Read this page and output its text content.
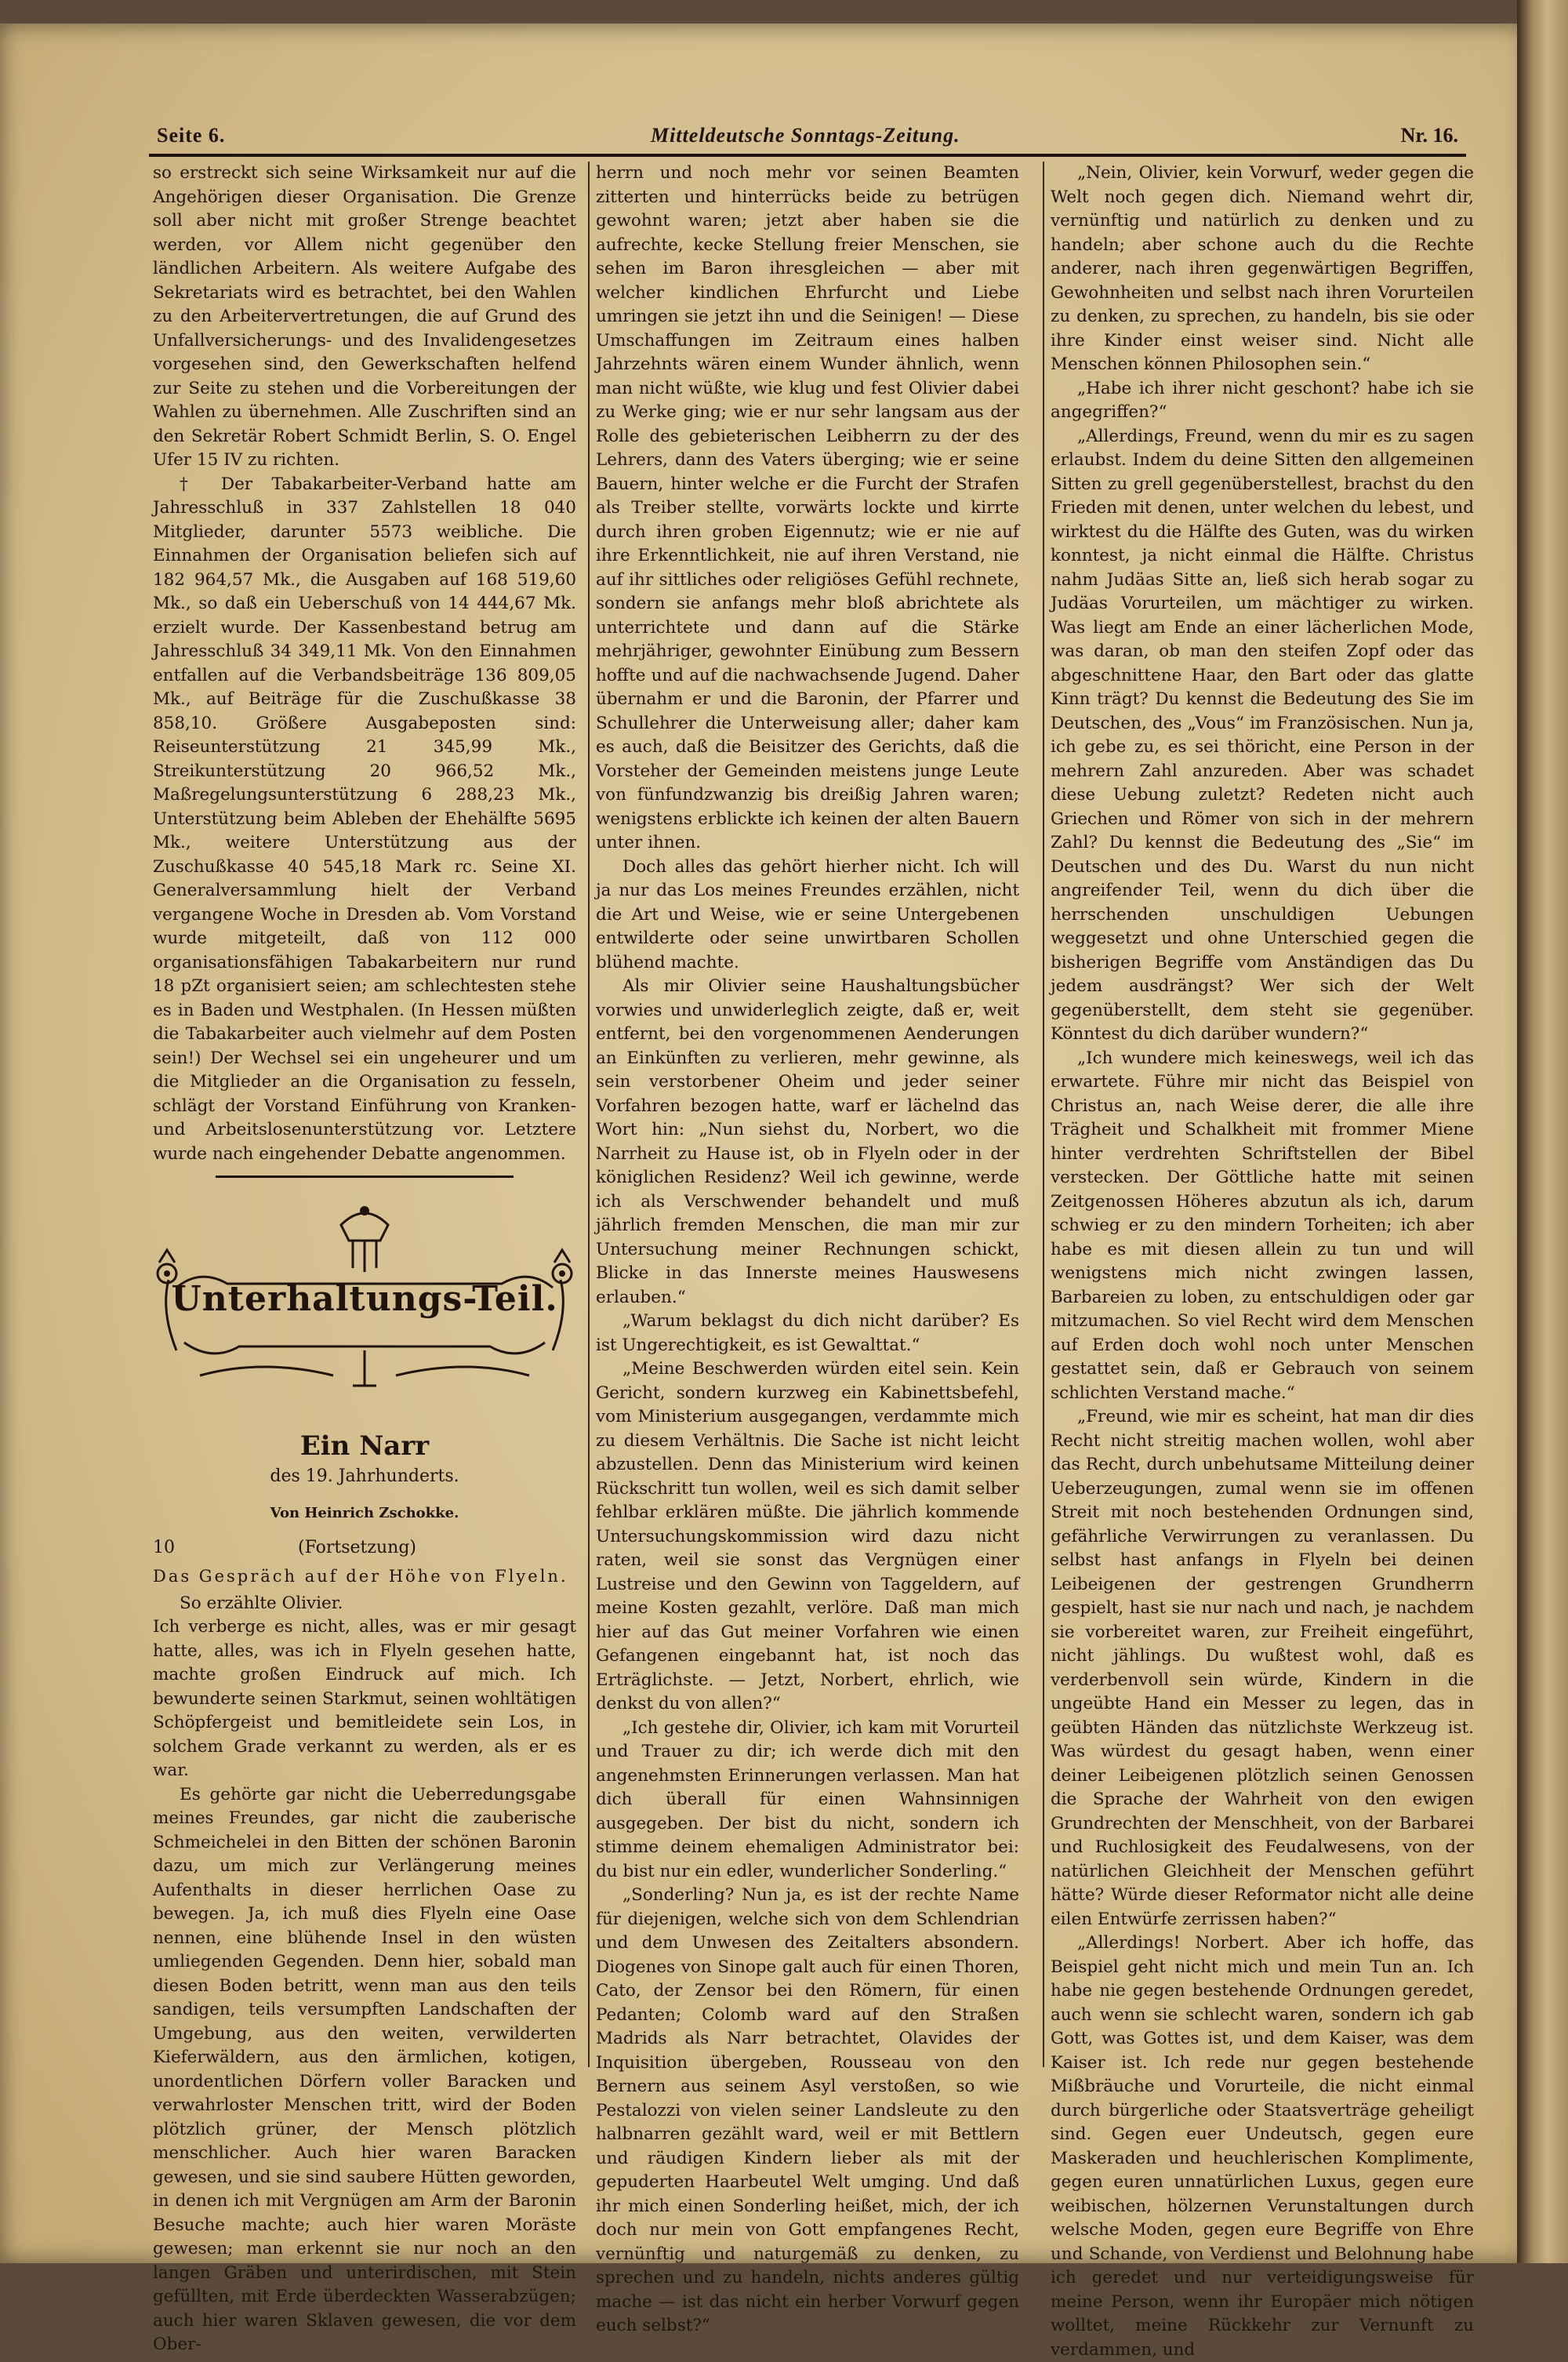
Seite 6.	Mitteldeutsche Sonntags-Zeitung.	Nr. 16.

so erstreckt sich seine Wirksamkeit nur auf die Angehörigen dieser Organisation. Die Grenze soll aber nicht mit großer Strenge beachtet werden, vor Allem nicht gegenüber den ländlichen Arbeitern. Als weitere Aufgabe des Sekretariats wird es betrachtet, bei den Wahlen zu den Arbeitervertretungen, die auf Grund des Unfallversicherungs- und des Invalidengesetzes vorgesehen sind, den Gewerkschaften helfend zur Seite zu stehen und die Vorbereitungen der Wahlen zu übernehmen. Alle Zuschriften sind an den Sekretär Robert Schmidt Berlin, S. O. Engel Ufer 15 IV zu richten.

† Der Tabakarbeiter-Verband hatte am Jahresschluß in 337 Zahlstellen 18 040 Mitglieder, darunter 5573 weibliche. Die Einnahmen der Organisation beliefen sich auf 182 964,57 Mk., die Ausgaben auf 168 519,60 Mk., so daß ein Ueberschuß von 14 444,67 Mk. erzielt wurde. Der Kassenbestand betrug am Jahresschluß 34 349,11 Mk. Von den Einnahmen entfallen auf die Verbandsbeiträge 136 809,05 Mk., auf Beiträge für die Zuschußkasse 38 858,10. Größere Ausgabeposten sind: Reiseunterstützung 21 345,99 Mk., Streikunterstützung 20 966,52 Mk., Maßregelungsunterstützung 6 288,23 Mk., Unterstützung beim Ableben der Ehehälfte 5695 Mk., weitere Unterstützung aus der Zuschußkasse 40 545,18 Mark rc. Seine XI. Generalversammlung hielt der Verband vergangene Woche in Dresden ab. Vom Vorstand wurde mitgeteilt, daß von 112 000 organisationsfähigen Tabakarbeitern nur rund 18 pZt organisiert seien; am schlechtesten stehe es in Baden und Westphalen. (In Hessen müßten die Tabakarbeiter auch vielmehr auf dem Posten sein!) Der Wechsel sei ein ungeheurer und um die Mitglieder an die Organisation zu fesseln, schlägt der Vorstand Einführung von Kranken- und Arbeitslosenunterstützung vor. Letztere wurde nach eingehender Debatte angenommen.

Unterhaltungs-Teil.
Ein Narr
des 19. Jahrhunderts.
Von Heinrich Zschokke.
10	(Fortsetzung)
Das Gespräch auf der Höhe von Flyeln.

So erzählte Olivier.

Ich verberge es nicht, alles, was er mir gesagt hatte, alles, was ich in Flyeln gesehen hatte, machte großen Eindruck auf mich. Ich bewunderte seinen Starkmut, seinen wohltätigen Schöpfergeist und bemitleidete sein Los, in solchem Grade verkannt zu werden, als er es war.

Es gehörte gar nicht die Ueberredungsgabe meines Freundes, gar nicht die zauberische Schmeichelei in den Bitten der schönen Baronin dazu, um mich zur Verlängerung meines Aufenthalts in dieser herrlichen Oase zu bewegen. Ja, ich muß dies Flyeln eine Oase nennen, eine blühende Insel in den wüsten umliegenden Gegenden. Denn hier, sobald man diesen Boden betritt, wenn man aus den teils sandigen, teils versumpften Landschaften der Umgebung, aus den weiten, verwilderten Kieferwäldern, aus den ärmlichen, kotigen, unordentlichen Dörfern voller Baracken und verwahrloster Menschen tritt, wird der Boden plötzlich grüner, der Mensch plötzlich menschlicher. Auch hier waren Baracken gewesen, und sie sind saubere Hütten geworden, in denen ich mit Vergnügen am Arm der Baronin Besuche machte; auch hier waren Moräste gewesen; man erkennt sie nur noch an den langen Gräben und unterirdischen, mit Stein gefüllten, mit Erde überdeckten Wasserabzügen; auch hier waren Sklaven gewesen, die vor dem Ober-

herrn und noch mehr vor seinen Beamten zitterten und hinterrücks beide zu betrügen gewohnt waren; jetzt aber haben sie die aufrechte, kecke Stellung freier Menschen, sie sehen im Baron ihresgleichen — aber mit welcher kindlichen Ehrfurcht und Liebe umringen sie jetzt ihn und die Seinigen! — Diese Umschaffungen im Zeitraum eines halben Jahrzehnts wären einem Wunder ähnlich, wenn man nicht wüßte, wie klug und fest Olivier dabei zu Werke ging; wie er nur sehr langsam aus der Rolle des gebieterischen Leibherrn zu der des Lehrers, dann des Vaters überging; wie er seine Bauern, hinter welche er die Furcht der Strafen als Treiber stellte, vorwärts lockte und kirrte durch ihren groben Eigennutz; wie er nie auf ihre Erkenntlichkeit, nie auf ihren Verstand, nie auf ihr sittliches oder religiöses Gefühl rechnete, sondern sie anfangs mehr bloß abrichtete als unterrichtete und dann auf die Stärke mehrjähriger, gewohnter Einübung zum Bessern hoffte und auf die nachwachsende Jugend. Daher übernahm er und die Baronin, der Pfarrer und Schullehrer die Unterweisung aller; daher kam es auch, daß die Beisitzer des Gerichts, daß die Vorsteher der Gemeinden meistens junge Leute von fünfundzwanzig bis dreißig Jahren waren; wenigstens erblickte ich keinen der alten Bauern unter ihnen.

Doch alles das gehört hierher nicht. Ich will ja nur das Los meines Freundes erzählen, nicht die Art und Weise, wie er seine Untergebenen entwilderte oder seine unwirtbaren Schollen blühend machte.

Als mir Olivier seine Haushaltungsbücher vorwies und unwiderleglich zeigte, daß er, weit entfernt, bei den vorgenommenen Aenderungen an Einkünften zu verlieren, mehr gewinne, als sein verstorbener Oheim und jeder seiner Vorfahren bezogen hatte, warf er lächelnd das Wort hin: „Nun siehst du, Norbert, wo die Narrheit zu Hause ist, ob in Flyeln oder in der königlichen Residenz? Weil ich gewinne, werde ich als Verschwender behandelt und muß jährlich fremden Menschen, die man mir zur Untersuchung meiner Rechnungen schickt, Blicke in das Innerste meines Hauswesens erlauben.“

„Warum beklagst du dich nicht darüber? Es ist Ungerechtigkeit, es ist Gewalttat.“

„Meine Beschwerden würden eitel sein. Kein Gericht, sondern kurzweg ein Kabinettsbefehl, vom Ministerium ausgegangen, verdammte mich zu diesem Verhältnis. Die Sache ist nicht leicht abzustellen. Denn das Ministerium wird keinen Rückschritt tun wollen, weil es sich damit selber fehlbar erklären müßte. Die jährlich kommende Untersuchungskommission wird dazu nicht raten, weil sie sonst das Vergnügen einer Lustreise und den Gewinn von Taggeldern, auf meine Kosten gezahlt, verlöre. Daß man mich hier auf das Gut meiner Vorfahren wie einen Gefangenen eingebannt hat, ist noch das Erträglichste. — Jetzt, Norbert, ehrlich, wie denkst du von allen?“

„Ich gestehe dir, Olivier, ich kam mit Vorurteil und Trauer zu dir; ich werde dich mit den angenehmsten Erinnerungen verlassen. Man hat dich überall für einen Wahnsinnigen ausgegeben. Der bist du nicht, sondern ich stimme deinem ehemaligen Administrator bei: du bist nur ein edler, wunderlicher Sonderling.“

„Sonderling? Nun ja, es ist der rechte Name für diejenigen, welche sich von dem Schlendrian und dem Unwesen des Zeitalters absondern. Diogenes von Sinope galt auch für einen Thoren, Cato, der Zensor bei den Römern, für einen Pedanten; Colomb ward auf den Straßen Madrids als Narr betrachtet, Olavides der Inquisition übergeben, Rousseau von den Bernern aus seinem Asyl verstoßen, so wie Pestalozzi von vielen seiner Landsleute zu den halbnarren gezählt ward, weil er mit Bettlern und räudigen Kindern lieber als mit der gepuderten Haarbeutel Welt umging. Und daß ihr mich einen Sonderling heißet, mich, der ich doch nur mein von Gott empfangenes Recht, vernünftig und naturgemäß zu denken, zu sprechen und zu handeln, nichts anderes gültig mache — ist das nicht ein herber Vorwurf gegen euch selbst?“

„Nein, Olivier, kein Vorwurf, weder gegen die Welt noch gegen dich. Niemand wehrt dir, vernünftig und natürlich zu denken und zu handeln; aber schone auch du die Rechte anderer, nach ihren gegenwärtigen Begriffen, Gewohnheiten und selbst nach ihren Vorurteilen zu denken, zu sprechen, zu handeln, bis sie oder ihre Kinder einst weiser sind. Nicht alle Menschen können Philosophen sein.“

„Habe ich ihrer nicht geschont? habe ich sie angegriffen?“

„Allerdings, Freund, wenn du mir es zu sagen erlaubst. Indem du deine Sitten den allgemeinen Sitten zu grell gegenüberstellest, brachst du den Frieden mit denen, unter welchen du lebest, und wirktest du die Hälfte des Guten, was du wirken konntest, ja nicht einmal die Hälfte. Christus nahm Judäas Sitte an, ließ sich herab sogar zu Judäas Vorurteilen, um mächtiger zu wirken. Was liegt am Ende an einer lächerlichen Mode, was daran, ob man den steifen Zopf oder das abgeschnittene Haar, den Bart oder das glatte Kinn trägt? Du kennst die Bedeutung des Sie im Deutschen, des „Vous“ im Französischen. Nun ja, ich gebe zu, es sei thöricht, eine Person in der mehrern Zahl anzureden. Aber was schadet diese Uebung zuletzt? Redeten nicht auch Griechen und Römer von sich in der mehrern Zahl? Du kennst die Bedeutung des „Sie“ im Deutschen und des Du. Warst du nun nicht angreifender Teil, wenn du dich über die herrschenden unschuldigen Uebungen weggesetzt und ohne Unterschied gegen die bisherigen Begriffe vom Anständigen das Du jedem ausdrängst? Wer sich der Welt gegenüberstellt, dem steht sie gegenüber. Könntest du dich darüber wundern?“

„Ich wundere mich keineswegs, weil ich das erwartete. Führe mir nicht das Beispiel von Christus an, nach Weise derer, die alle ihre Trägheit und Schalkheit mit frommer Miene hinter verdrehten Schriftstellen der Bibel verstecken. Der Göttliche hatte mit seinen Zeitgenossen Höheres abzutun als ich, darum schwieg er zu den mindern Torheiten; ich aber habe es mit diesen allein zu tun und will wenigstens mich nicht zwingen lassen, Barbareien zu loben, zu entschuldigen oder gar mitzumachen. So viel Recht wird dem Menschen auf Erden doch wohl noch unter Menschen gestattet sein, daß er Gebrauch von seinem schlichten Verstand mache.“

„Freund, wie mir es scheint, hat man dir dies Recht nicht streitig machen wollen, wohl aber das Recht, durch unbehutsame Mitteilung deiner Ueberzeugungen, zumal wenn sie im offenen Streit mit noch bestehenden Ordnungen sind, gefährliche Verwirrungen zu veranlassen. Du selbst hast anfangs in Flyeln bei deinen Leibeigenen der gestrengen Grundherrn gespielt, hast sie nur nach und nach, je nachdem sie vorbereitet waren, zur Freiheit eingeführt, nicht jählings. Du wußtest wohl, daß es verderbenvoll sein würde, Kindern in die ungeübte Hand ein Messer zu legen, das in geübten Händen das nützlichste Werkzeug ist. Was würdest du gesagt haben, wenn einer deiner Leibeigenen plötzlich seinen Genossen die Sprache der Wahrheit von den ewigen Grundrechten der Menschheit, von der Barbarei und Ruchlosigkeit des Feudalwesens, von der natürlichen Gleichheit der Menschen geführt hätte? Würde dieser Reformator nicht alle deine eilen Entwürfe zerrissen haben?“

„Allerdings! Norbert. Aber ich hoffe, das Beispiel geht nicht mich und mein Tun an. Ich habe nie gegen bestehende Ordnungen geredet, auch wenn sie schlecht waren, sondern ich gab Gott, was Gottes ist, und dem Kaiser, was dem Kaiser ist. Ich rede nur gegen bestehende Mißbräuche und Vorurteile, die nicht einmal durch bürgerliche oder Staatsverträge geheiligt sind. Gegen euer Undeutsch, gegen eure Maskeraden und heuchlerischen Komplimente, gegen euren unnatürlichen Luxus, gegen eure weibischen, hölzernen Verunstaltungen durch welsche Moden, gegen eure Begriffe von Ehre und Schande, von Verdienst und Belohnung habe ich geredet und nur verteidigungsweise für meine Person, wenn ihr Europäer mich nötigen wolltet, meine Rückkehr zur Vernunft zu verdammen, und
